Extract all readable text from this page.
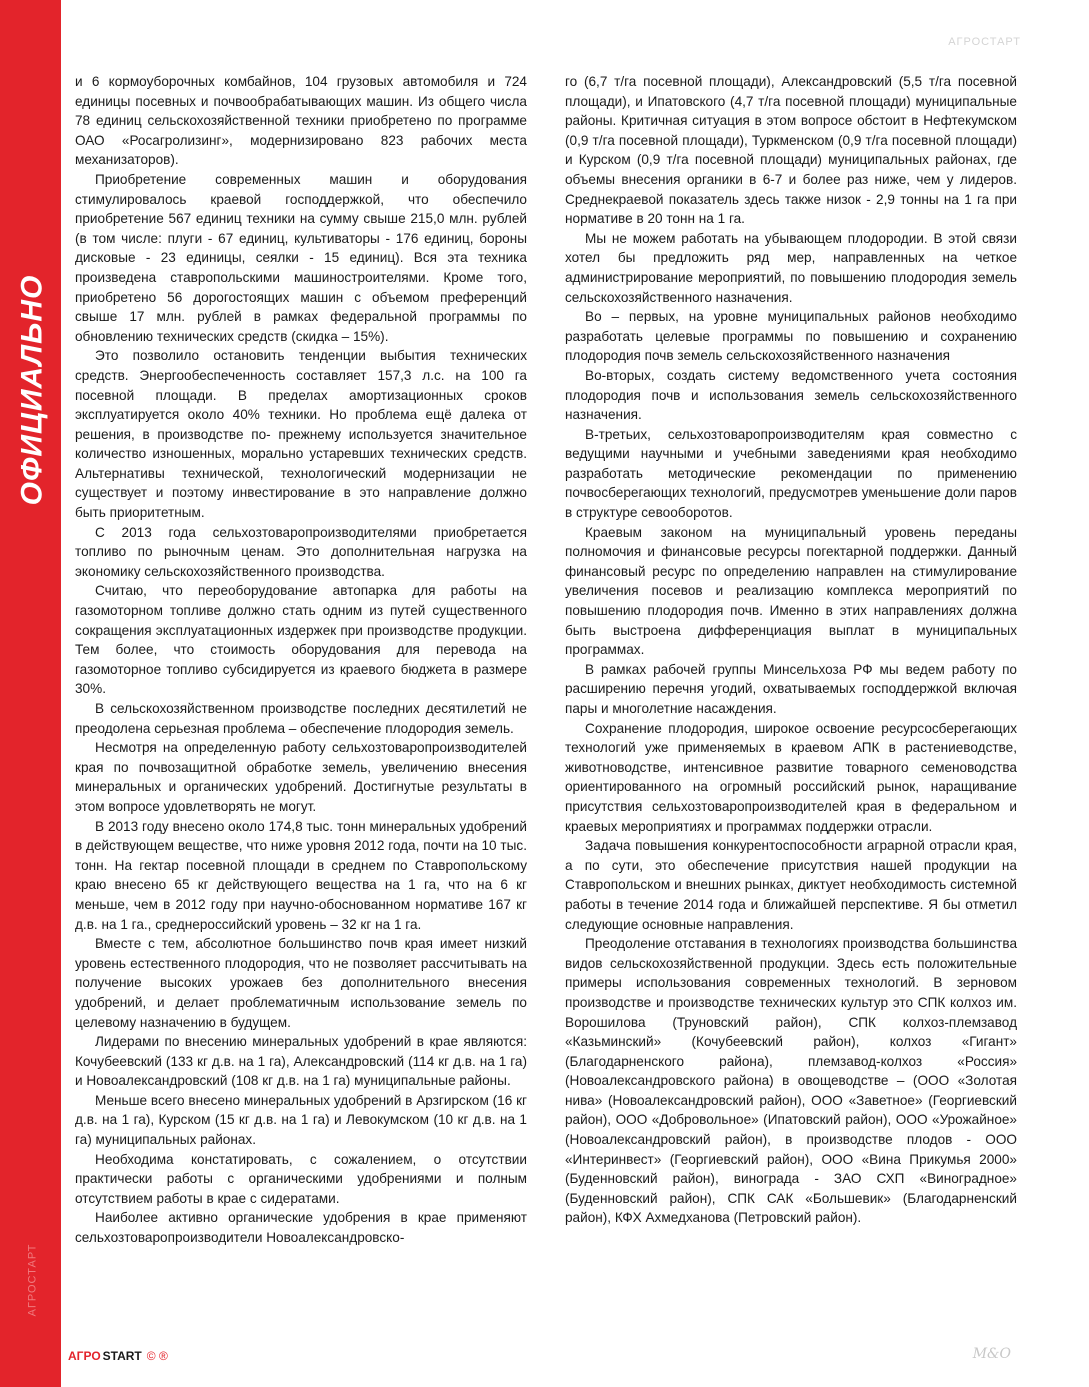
ОФИЦИАЛЬНО
АГРОСТАРТ
АГРОСТАРТ

и 6 кормоуборочных комбайнов, 104 грузовых автомобиля и 724 единицы посевных и почвообрабатывающих машин. Из общего числа 78 единиц сельскохозяйственной техники приобретено по программе ОАО «Росагролизинг», модернизировано 823 рабочих места механизаторов).

Приобретение современных машин и оборудования стимулировалось краевой господдержкой, что обеспечило приобретение 567 единиц техники на сумму свыше 215,0 млн. рублей (в том числе: плуги - 67 единиц, культиваторы - 176 единиц, бороны дисковые - 23 единицы, сеялки - 15 единиц). Вся эта техника произведена ставропольскими машиностроителями. Кроме того, приобретено 56 дорогостоящих машин с объемом преференций свыше 17 млн. рублей в рамках федеральной программы по обновлению технических средств (скидка – 15%).

Это позволило остановить тенденции выбытия технических средств. Энергообеспеченность составляет 157,3 л.с. на 100 га посевной площади. В пределах амортизационных сроков эксплуатируется около 40% техники. Но проблема ещё далека от решения, в производстве по- прежнему используется значительное количество изношенных, морально устаревших технических средств. Альтернативы технической, технологический модернизации не существует и поэтому инвестирование в это направление должно быть приоритетным.

С 2013 года сельхозтоваропроизводителями приобретается топливо по рыночным ценам. Это дополнительная нагрузка на экономику сельскохозяйственного производства.

Считаю, что переоборудование автопарка для работы на газомоторном топливе должно стать одним из путей существенного сокращения эксплуатационных издержек при производстве продукции. Тем более, что стоимость оборудования для перевода на газомоторное топливо субсидируется из краевого бюджета в размере 30%.

В сельскохозяйственном производстве последних десятилетий не преодолена серьезная проблема – обеспечение плодородия земель.

Несмотря на определенную работу сельхозтоваропроизводителей края по почвозащитной обработке земель, увеличению внесения минеральных и органических удобрений. Достигнутые результаты в этом вопросе удовлетворять не могут.

В 2013 году внесено около 174,8 тыс. тонн минеральных удобрений в действующем веществе, что ниже уровня 2012 года, почти на 10 тыс. тонн. На гектар посевной площади в среднем по Ставропольскому краю внесено 65 кг действующего вещества на 1 га, что на 6 кг меньше, чем в 2012 году при научно-обоснованном нормативе 167 кг д.в. на 1 га., среднероссийский уровень – 32 кг на 1 га.

Вместе с тем, абсолютное большинство почв края имеет низкий уровень естественного плодородия, что не позволяет рассчитывать на получение высоких урожаев без дополнительного внесения удобрений, и делает проблематичным использование земель по целевому назначению в будущем.

Лидерами по внесению минеральных удобрений в крае являются: Кочубеевский (133 кг д.в. на 1 га), Александровский (114 кг д.в. на 1 га) и Новоалександровский (108 кг д.в. на 1 га) муниципальные районы.

Меньше всего внесено минеральных удобрений в Арзгирском (16 кг д.в. на 1 га), Курском (15 кг д.в. на 1 га) и Левокумском (10 кг д.в. на 1 га) муниципальных районах.

Необходима констатировать, с сожалением, о отсутствии практически работы с органическими удобрениями и полным отсутствием работы в крае с сидератами.

Наиболее активно органические удобрения в крае применяют сельхозтоваропроизводители Новоалександровско-

го (6,7 т/га посевной площади), Александровский (5,5 т/га посевной площади), и Ипатовского (4,7 т/га посевной площади) муниципальные районы. Критичная ситуация в этом вопросе обстоит в Нефтекумском (0,9 т/га посевной площади), Туркменском (0,9 т/га посевной площади) и Курском (0,9 т/га посевной площади) муниципальных районах, где объемы внесения органики в 6-7 и более раз ниже, чем у лидеров. Среднекраевой показатель здесь также низок - 2,9 тонны на 1 га при нормативе в 20 тонн на 1 га.

Мы не можем работать на убывающем плодородии. В этой связи хотел бы предложить ряд мер, направленных на четкое администрирование мероприятий, по повышению плодородия земель сельскохозяйственного назначения.

Во – первых, на уровне муниципальных районов необходимо разработать целевые программы по повышению и сохранению плодородия почв земель сельскохозяйственного назначения

Во-вторых, создать систему ведомственного учета состояния плодородия почв и использования земель сельскохозяйственного назначения.

В-третьих, сельхозтоваропроизводителям края совместно с ведущими научными и учебными заведениями края необходимо разработать методические рекомендации по применению почвосберегающих технологий, предусмотрев уменьшение доли паров в структуре севооборотов.

Краевым законом на муниципальный уровень переданы полномочия и финансовые ресурсы погектарной поддержки. Данный финансовый ресурс по определению направлен на стимулирование увеличения посевов и реализацию комплекса мероприятий по повышению плодородия почв. Именно в этих направлениях должна быть выстроена дифференциация выплат в муниципальных программах.

В рамках рабочей группы Минсельхоза РФ мы ведем работу по расширению перечня угодий, охватываемых господдержкой включая пары и многолетние насаждения.

Сохранение плодородия, широкое освоение ресурсосберегающих технологий уже применяемых в краевом АПК в растениеводстве, животноводстве, интенсивное развитие товарного семеноводства ориентированного на огромный российский рынок, наращивание присутствия сельхозтоваропроизводителей края в федеральном и краевых мероприятиях и программах поддержки отрасли.

Задача повышения конкурентоспособности аграрной отрасли края, а по сути, это обеспечение присутствия нашей продукции на Ставропольском и внешних рынках, диктует необходимость системной работы в течение 2014 года и ближайшей перспективе. Я бы отметил следующие основные направления.

Преодоление отставания в технологиях производства большинства видов сельскохозяйственной продукции. Здесь есть положительные примеры использования современных технологий. В зерновом производстве и производстве технических культур это СПК колхоз им. Ворошилова (Труновский район), СПК колхоз-племзавод «Казьминский» (Кочубеевский район), колхоз «Гигант» (Благодарненского района), племзавод-колхоз «Россия» (Новоалександровского района) в овощеводстве – (ООО «Золотая нива» (Новоалександровский район), ООО «Заветное» (Георгиевский район), ООО «Добровольное» (Ипатовский район), ООО «Урожайное» (Новоалександровский район), в производстве плодов - ООО «Интеринвест» (Георгиевский район), ООО «Вина Прикумья 2000» (Буденновский район), винограда - ЗАО СХП «Виноградное» (Буденновский район), СПК САК «Большевик» (Благодарненский район), КФХ Ахмедханова (Петровский район).

АГРО START © ®	М&О
